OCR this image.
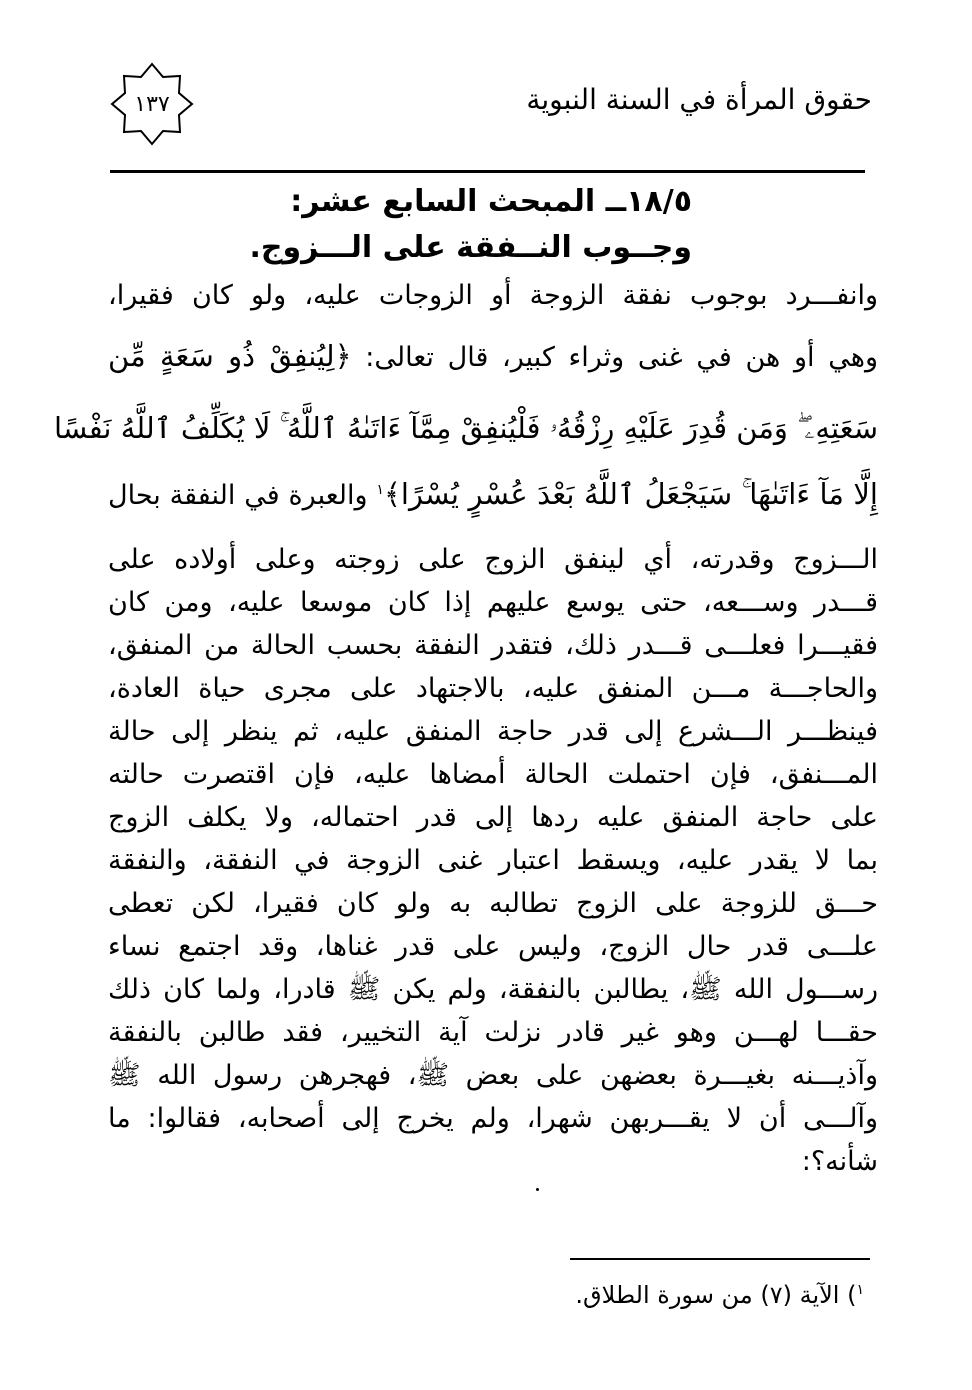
حقوق المرأة في السنة النبوية
١٣٧
١٨/٥ــ المبحث السابع عشر:
وجــوب النــفقة على الـــزوج.
وانفـــرد بوجوب نفقة الزوجة أو الزوجات عليه، ولو كان فقيرا،
وهي أو هن في غنى وثراء كبير، قال تعالى: ﴿لِيُنفِقْ ذُو سَعَةٍ مِّن
سَعَتِهِۦ ۖ وَمَن قُدِرَ عَلَيْهِ رِزْقُهُۥ فَلْيُنفِقْ مِمَّآ ءَاتَىٰهُ ٱللَّهُ ۚ لَا يُكَلِّفُ ٱللَّهُ نَفْسًا
إِلَّا مَآ ءَاتَىٰهَا ۚ سَيَجْعَلُ ٱللَّهُ بَعْدَ عُسْرٍ يُسْرًا﴾$^١$ والعبرة في النفقة بحال
الـــزوج وقدرته، أي لينفق الزوج على زوجته وعلى أولاده على
قـــدر وســـعه، حتى يوسع عليهم إذا كان موسعا عليه، ومن كان
فقيـــرا فعلـــى قـــدر ذلك، فتقدر النفقة بحسب الحالة من المنفق،
والحاجـــة مـــن المنفق عليه، بالاجتهاد على مجرى حياة العادة،
فينظـــر الـــشرع إلى قدر حاجة المنفق عليه، ثم ينظر إلى حالة
المـــنفق، فإن احتملت الحالة أمضاها عليه، فإن اقتصرت حالته
على حاجة المنفق عليه ردها إلى قدر احتماله، ولا يكلف الزوج
بما لا يقدر عليه، ويسقط اعتبار غنى الزوجة في النفقة، والنفقة
حـــق للزوجة على الزوج تطالبه به ولو كان فقيرا، لكن تعطى
علـــى قدر حال الزوج، وليس على قدر غناها، وقد اجتمع نساء
رســـول الله ﷺ، يطالبن بالنفقة، ولم يكن ﷺ قادرا، ولما كان ذلك
حقـــا لهـــن وهو غير قادر نزلت آية التخيير، فقد طالبن بالنفقة
وآذيـــنه بغيـــرة بعضهن على بعض ﷺ، فهجرهن رسول الله ﷺ
وآلـــى أن لا يقـــربهن شهرا، ولم يخرج إلى أصحابه، فقالوا: ما
شأنه؟:
$^١$) الآية (٧) من سورة الطلاق.
